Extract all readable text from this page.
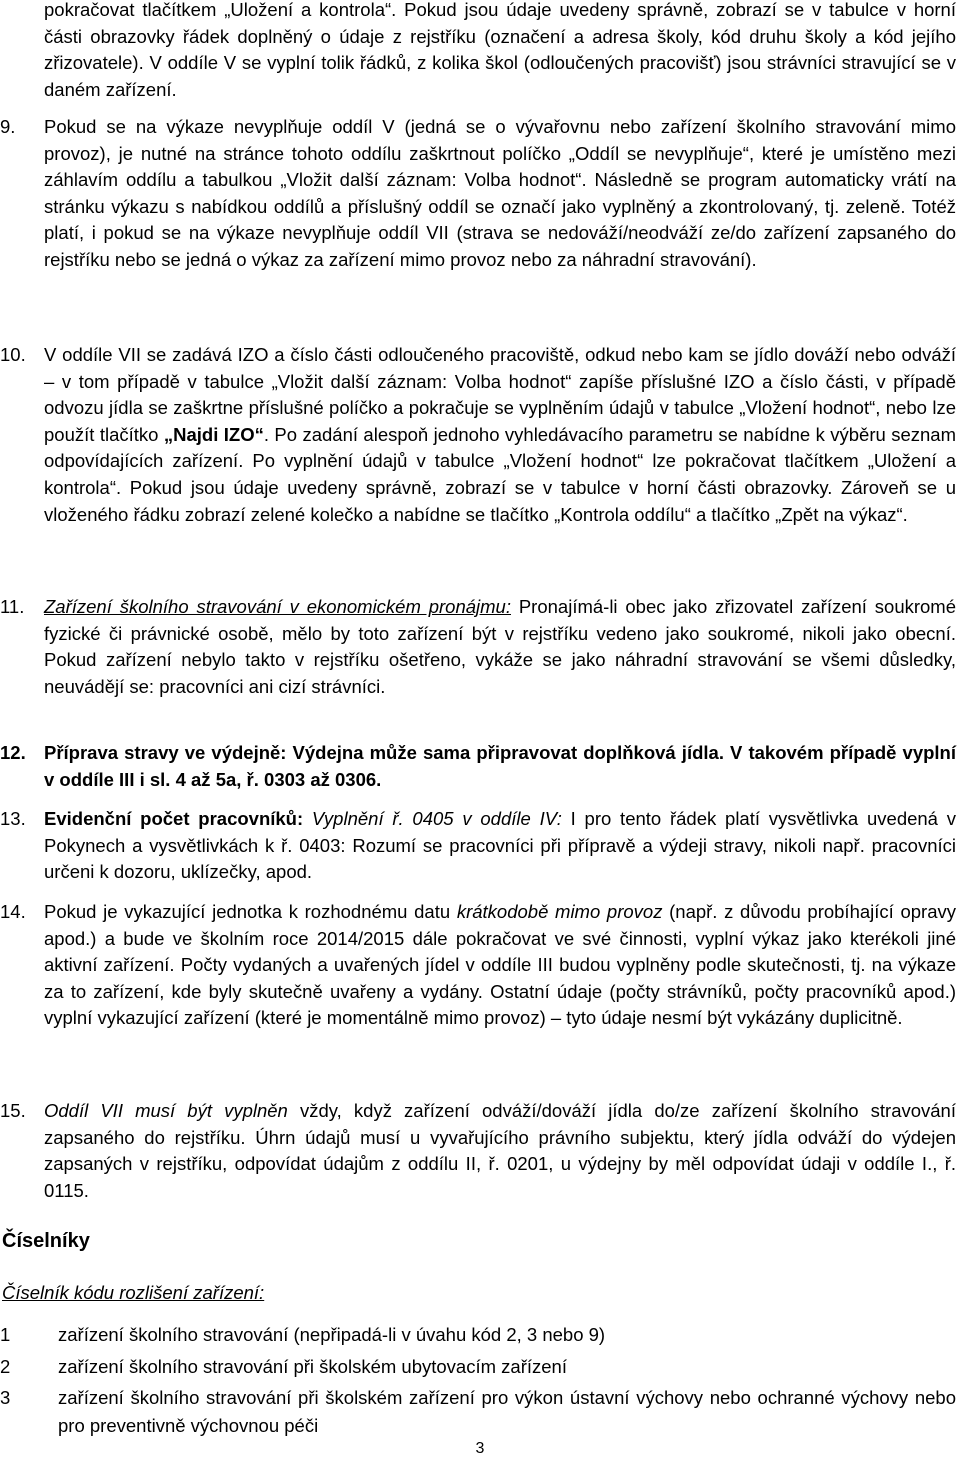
pokračovat tlačítkem „Uložení a kontrola“. Pokud jsou údaje uvedeny správně, zobrazí se v tabulce v horní části obrazovky řádek doplněný o údaje z rejstříku (označení a adresa školy, kód druhu školy a kód jejího zřizovatele). V oddíle V se vyplní tolik řádků, z kolika škol (odloučených pracovišť) jsou strávníci stravující se v daném zařízení.
9. Pokud se na výkaze nevyplňuje oddíl V (jedná se o vývařovnu nebo zařízení školního stravování mimo provoz), je nutné na stránce tohoto oddílu zaškrtnout políčko „Oddíl se nevyplňuje“, které je umístěno mezi záhlavím oddílu a tabulkou „Vložit další záznam: Volba hodnot“. Následně se program automaticky vrátí na stránku výkazu s nabídkou oddílů a příslušný oddíl se označí jako vyplněný a zkontrolovaný, tj. zeleně. Totéž platí, i pokud se na výkaze nevyplňuje oddíl VII (strava se nedováží/neodváží ze/do zařízení zapsaného do rejstříku nebo se jedná o výkaz za zařízení mimo provoz nebo za náhradní stravování).
10. V oddíle VII se zadává IZO a číslo části odloučeného pracoviště, odkud nebo kam se jídlo dováží nebo odváží – v tom případě v tabulce „Vložit další záznam: Volba hodnot“ zapíše příslušné IZO a číslo části, v případě odvozu jídla se zaškrtne příslušné políčko a pokračuje se vyplněním údajů v tabulce „Vložení hodnot“, nebo lze použít tlačítko „Najdi IZO“. Po zadání alespoň jednoho vyhledávacího parametru se nabídne k výběru seznam odpovídajících zařízení. Po vyplnění údajů v tabulce „Vložení hodnot“ lze pokračovat tlačítkem „Uložení a kontrola“. Pokud jsou údaje uvedeny správně, zobrazí se v tabulce v horní části obrazovky. Zároveň se u vloženého řádku zobrazí zelené kolečko a nabídne se tlačítko „Kontrola oddílu“ a tlačítko „Zpět na výkaz“.
11. Zařízení školního stravování v ekonomickém pronájmu: Pronajímá-li obec jako zřizovatel zařízení soukromé fyzické či právnické osobě, mělo by toto zařízení být v rejstříku vedeno jako soukromé, nikoli jako obecní. Pokud zařízení nebylo takto v rejstříku ošetřeno, vykáže se jako náhradní stravování se všemi důsledky, neuvádějí se: pracovníci ani cizí strávníci.
12. Příprava stravy ve výdejně: Výdejna může sama připravovat doplňková jídla. V takovém případě vyplní v oddíle III i sl. 4 až 5a, ř. 0303 až 0306.
13. Evidenční počet pracovníků: Vyplnění ř. 0405 v oddíle IV: I pro tento řádek platí vysvětlivka uvedená v Pokynech a vysvětlivkách k ř. 0403: Rozumí se pracovníci při přípravě a výdeji stravy, nikoli např. pracovníci určeni k dozoru, uklízečky, apod.
14. Pokud je vykazující jednotka k rozhodnému datu krátkodobě mimo provoz (např. z důvodu probíhající opravy apod.) a bude ve školním roce 2014/2015 dále pokračovat ve své činnosti, vyplní výkaz jako kterékoli jiné aktivní zařízení. Počty vydaných a uvařených jídel v oddíle III budou vyplněny podle skutečnosti, tj. na výkaze za to zařízení, kde byly skutečně uvařeny a vydány. Ostatní údaje (počty strávníků, počty pracovníků apod.) vyplní vykazující zařízení (které je momentálně mimo provoz) – tyto údaje nesmí být vykázány duplicitně.
15. Oddíl VII musí být vyplněn vždy, když zařízení odváží/dováží jídla do/ze zařízení školního stravování zapsaného do rejstříku. Úhrn údajů musí u vyvařujícího právního subjektu, který jídla odváží do výdejen zapsaných v rejstříku, odpovídat údajům z oddílu II, ř. 0201, u výdejny by měl odpovídat údaji v oddíle I., ř. 0115.
Číselníky
Číselník kódu rozlišení zařízení:
1	zařízení školního stravování (nepřipadá-li v úvahu kód 2, 3 nebo 9)
2	zařízení školního stravování při školském ubytovacím zařízení
3	zařízení školního stravování při školském zařízení pro výkon ústavní výchovy nebo ochranné výchovy nebo pro preventivně výchovnou péči
3
